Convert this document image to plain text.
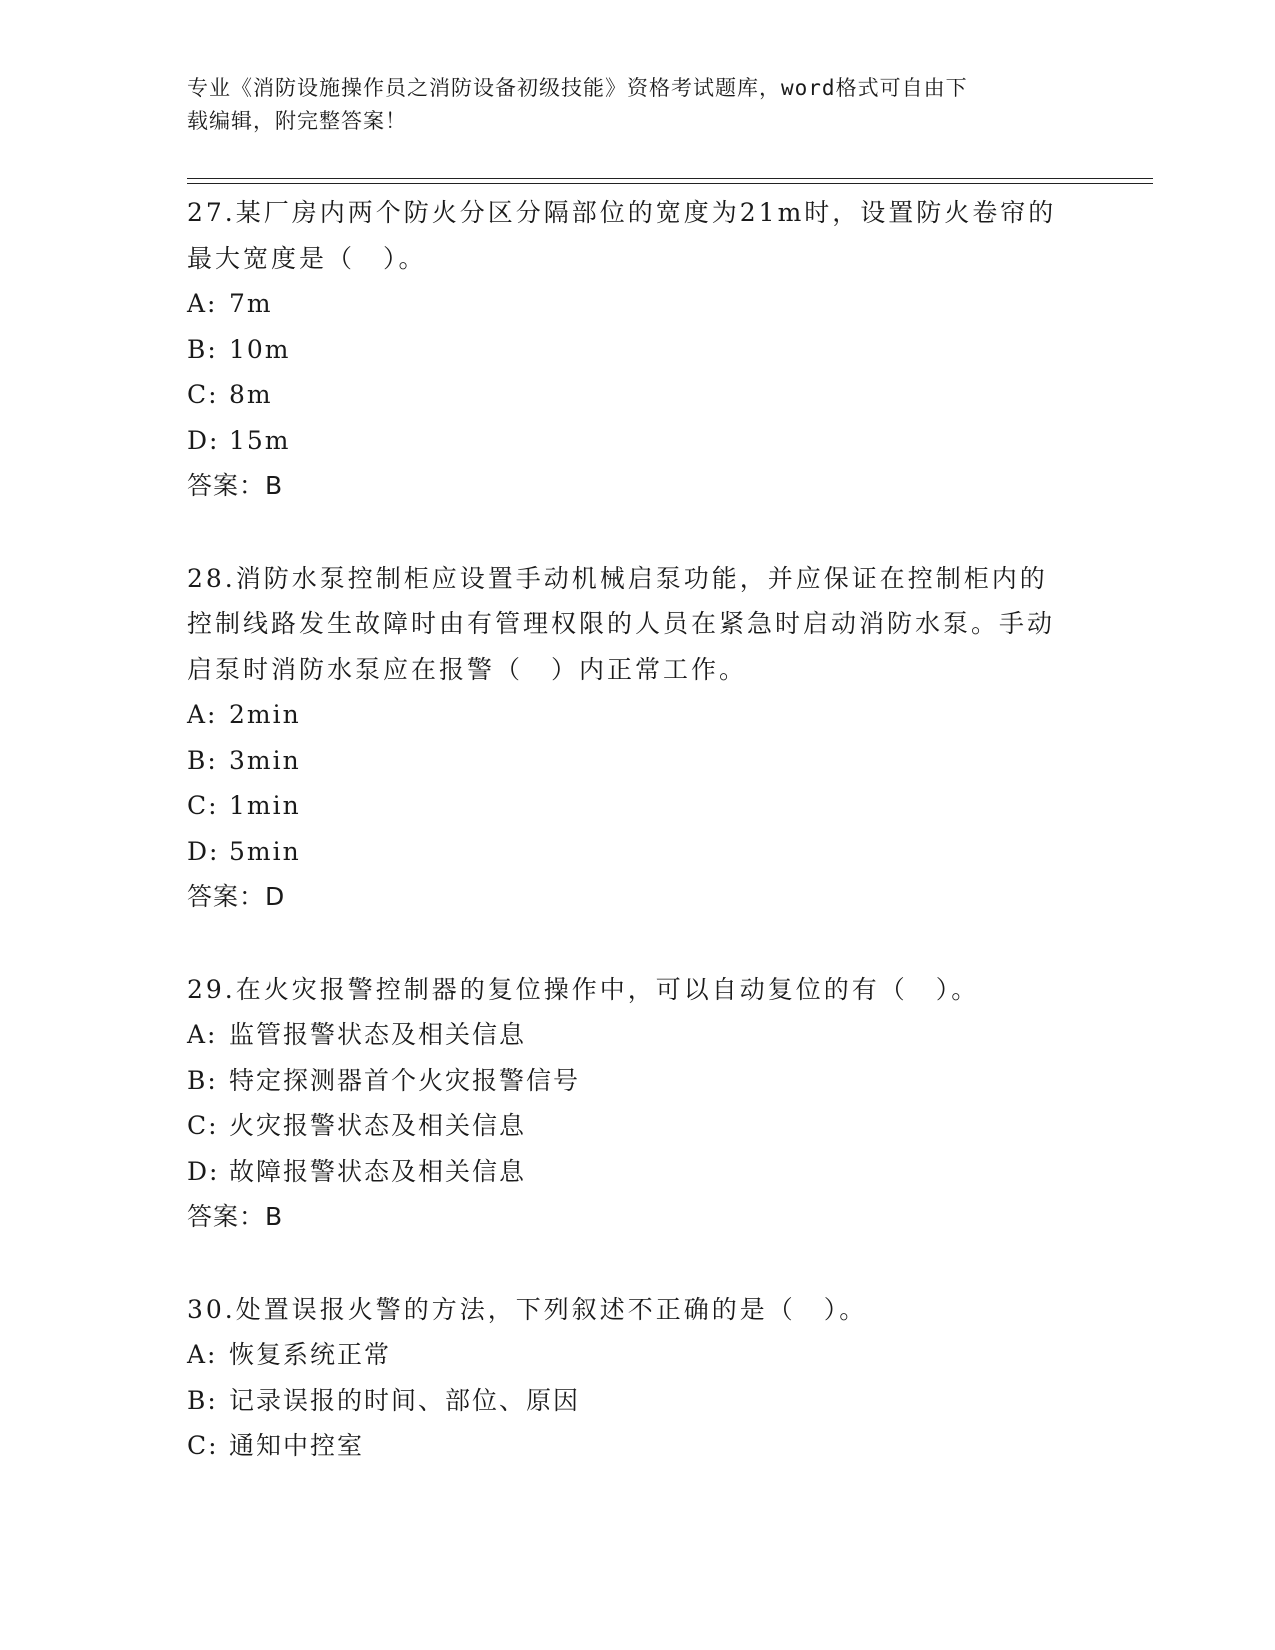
专业《消防设施操作员之消防设备初级技能》资格考试题库，word格式可自由下
载编辑，附完整答案！
27.某厂房内两个防火分区分隔部位的宽度为21m时，设置防火卷帘的最大宽度是（　）。
A: 7m
B: 10m
C: 8m
D: 15m
答案：B
28.消防水泵控制柜应设置手动机械启泵功能，并应保证在控制柜内的控制线路发生故障时由有管理权限的人员在紧急时启动消防水泵。手动启泵时消防水泵应在报警（　）内正常工作。
A: 2min
B: 3min
C: 1min
D: 5min
答案：D
29.在火灾报警控制器的复位操作中，可以自动复位的有（　）。
A: 监管报警状态及相关信息
B: 特定探测器首个火灾报警信号
C: 火灾报警状态及相关信息
D: 故障报警状态及相关信息
答案：B
30.处置误报火警的方法，下列叙述不正确的是（　）。
A: 恢复系统正常
B: 记录误报的时间、部位、原因
C: 通知中控室
